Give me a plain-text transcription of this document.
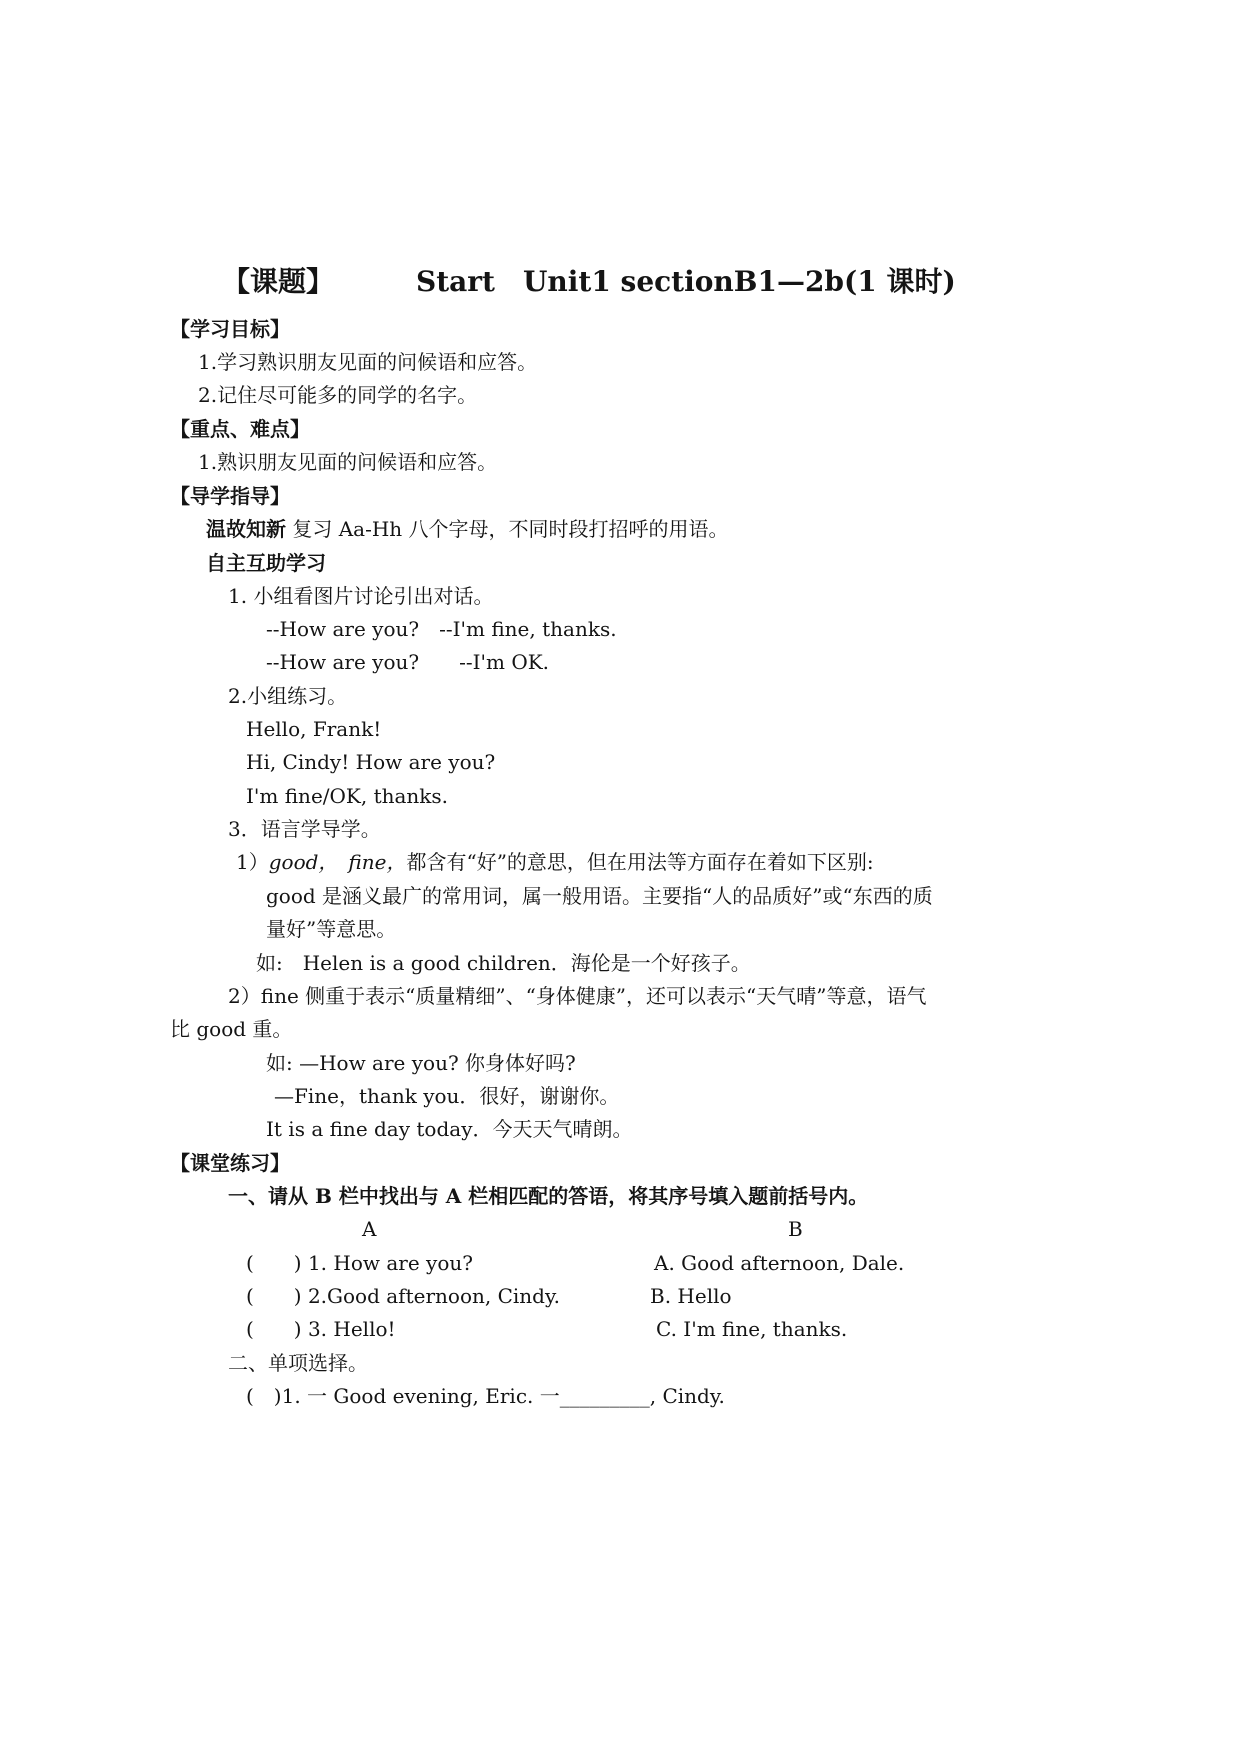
【课题】	Start　Unit1 sectionB1—2b(1 课时)
【学习目标】
1.学习熟识朋友见面的问候语和应答。
2.记住尽可能多的同学的名字。
【重点、难点】
1.熟识朋友见面的问候语和应答。
【导学指导】
温故知新 复习 Aa-Hh 八个字母，不同时段打招呼的用语。
自主互助学习
1. 小组看图片讨论引出对话。
--How are you?　--I'm fine, thanks.
--How are you?　　--I'm OK.
2.小组练习。
Hello, Frank!
Hi, Cindy! How are you?
I'm fine/OK, thanks.
3．语言学导学。
1）good，　fine，都含有“好”的意思，但在用法等方面存在着如下区别:
good 是涵义最广的常用词，属一般用语。主要指“人的品质好”或“东西的质
量好”等意思。
如:　Helen is a good children．海伦是一个好孩子。
2）fine 侧重于表示“质量精细”、“身体健康”，还可以表示“天气晴”等意，语气
比 good 重。
如: —How are you? 你身体好吗?
—Fine，thank you．很好，谢谢你。
It is a fine day today．今天天气晴朗。
【课堂练习】
一、请从 B 栏中找出与 A 栏相匹配的答语，将其序号填入题前括号内。
A	B
(　　) 1. How are you?	A. Good afternoon, Dale.
(　　) 2.Good afternoon, Cindy.	B. Hello
(　　) 3. Hello!	C. I'm fine, thanks.
二、单项选择。
(　)1. 一 Good evening, Eric. 一_________, Cindy.
